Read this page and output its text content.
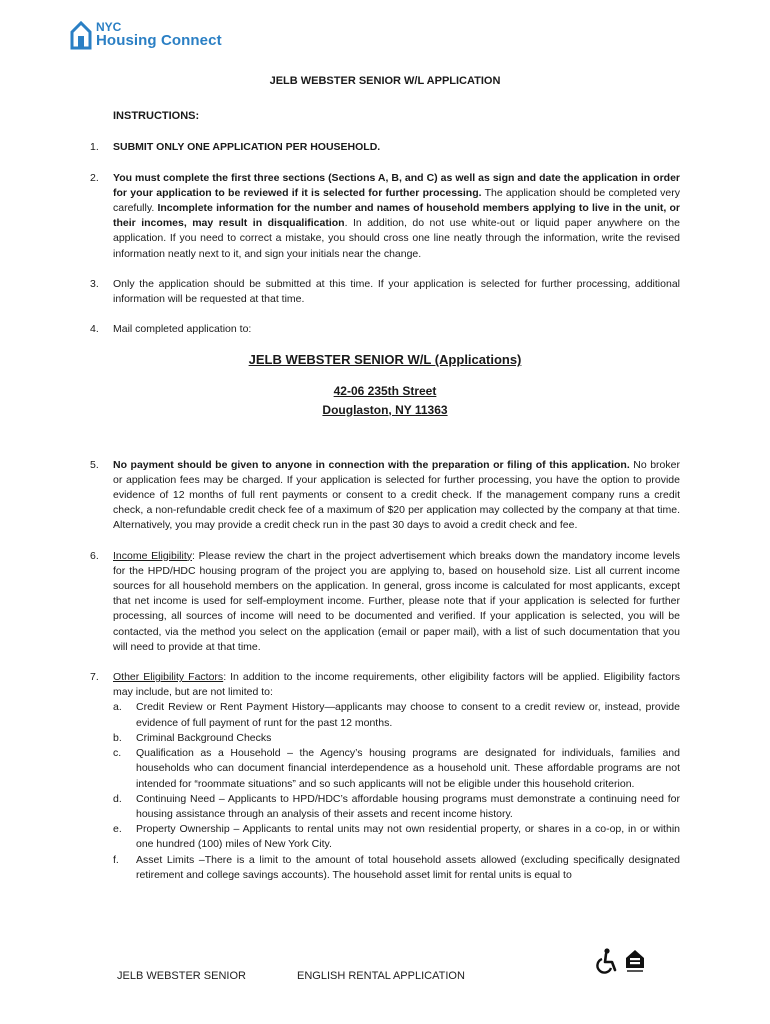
NYC
Housing Connect
JELB WEBSTER SENIOR W/L APPLICATION
INSTRUCTIONS:
1.	SUBMIT ONLY ONE APPLICATION PER HOUSEHOLD.
2.	You must complete the first three sections (Sections A, B, and C) as well as sign and date the application in order for your application to be reviewed if it is selected for further processing. The application should be completed very carefully. Incomplete information for the number and names of household members applying to live in the unit, or their incomes, may result in disqualification. In addition, do not use white-out or liquid paper anywhere on the application. If you need to correct a mistake, you should cross one line neatly through the information, write the revised information neatly next to it, and sign your initials near the change.
3.	Only the application should be submitted at this time. If your application is selected for further processing, additional information will be requested at that time.
4.	Mail completed application to:
JELB WEBSTER SENIOR W/L (Applications)
42-06 235th Street
Douglaston, NY 11363
5.	No payment should be given to anyone in connection with the preparation or filing of this application. No broker or application fees may be charged. If your application is selected for further processing, you have the option to provide evidence of 12 months of full rent payments or consent to a credit check. If the management company runs a credit check, a non-refundable credit check fee of a maximum of $20 per application may collected by the company at that time. Alternatively, you may provide a credit check run in the past 30 days to avoid a credit check and fee.
6.	Income Eligibility: Please review the chart in the project advertisement which breaks down the mandatory income levels for the HPD/HDC housing program of the project you are applying to, based on household size. List all current income sources for all household members on the application. In general, gross income is calculated for most applicants, except that net income is used for self-employment income. Further, please note that if your application is selected for further processing, all sources of income will need to be documented and verified. If your application is selected, you will be contacted, via the method you select on the application (email or paper mail), with a list of such documentation that you will need to provide at that time.
7.	Other Eligibility Factors: In addition to the income requirements, other eligibility factors will be applied. Eligibility factors may include, but are not limited to:
a.	Credit Review or Rent Payment History—applicants may choose to consent to a credit review or, instead, provide evidence of full payment of runt for the past 12 months.
b.	Criminal Background Checks
c.	Qualification as a Household – the Agency’s housing programs are designated for individuals, families and households who can document financial interdependence as a household unit. These affordable programs are not intended for “roommate situations” and so such applicants will not be eligible under this household criterion.
d.	Continuing Need – Applicants to HPD/HDC’s affordable housing programs must demonstrate a continuing need for housing assistance through an analysis of their assets and recent income history.
e.	Property Ownership – Applicants to rental units may not own residential property, or shares in a co-op, in or within one hundred (100) miles of New York City.
f.	Asset Limits –There is a limit to the amount of total household assets allowed (excluding specifically designated retirement and college savings accounts). The household asset limit for rental units is equal to
JELB WEBSTER SENIOR	ENGLISH RENTAL APPLICATION
